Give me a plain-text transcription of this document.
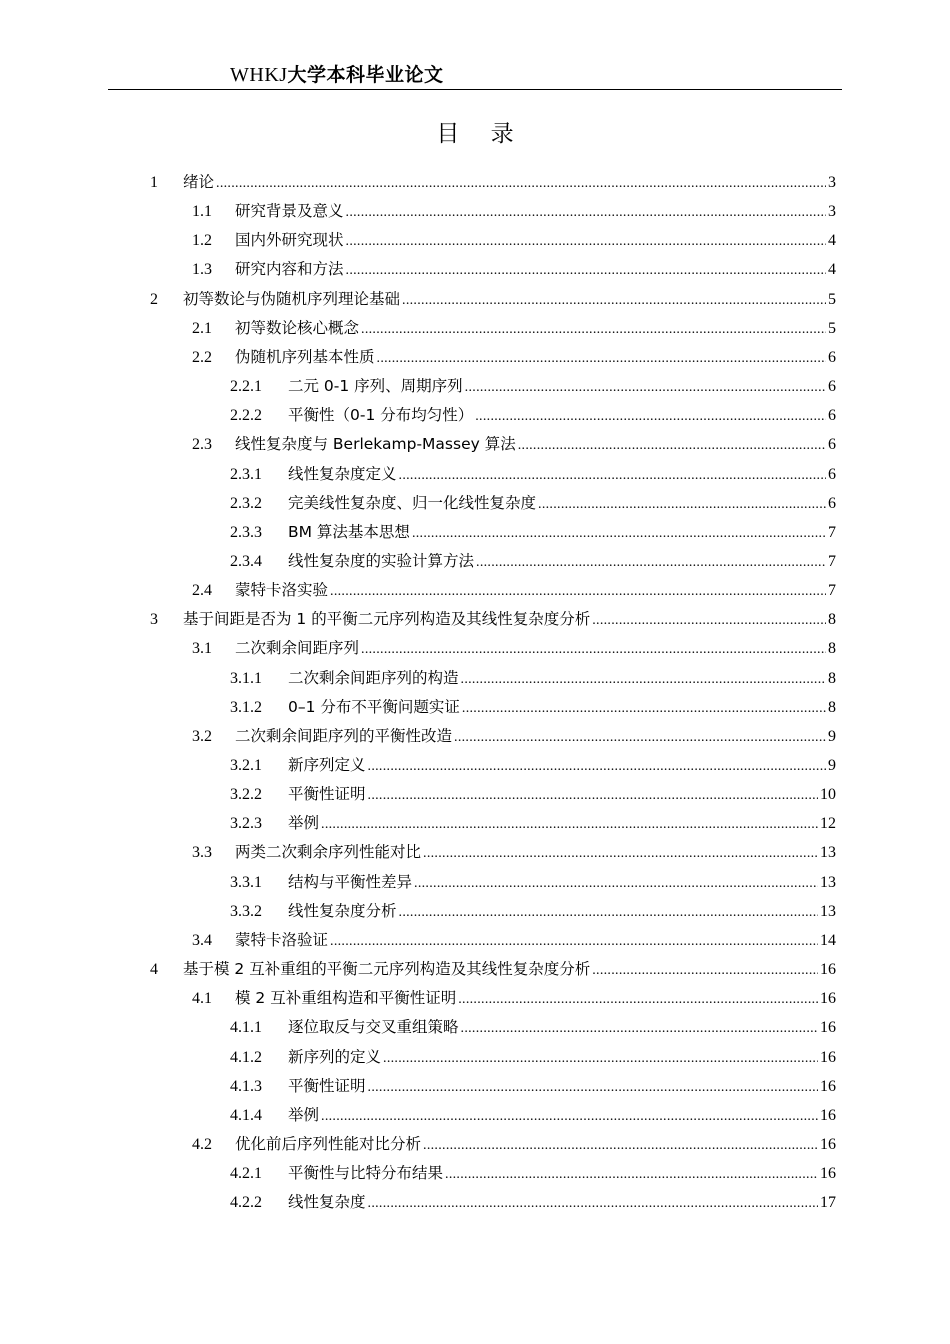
WHKJ大学本科毕业论文
目 录
1	绪论 .....	3
1.1	研究背景及意义 .....	3
1.2	国内外研究现状 .....	4
1.3	研究内容和方法 .....	4
2	初等数论与伪随机序列理论基础 .....	5
2.1	初等数论核心概念 .....	5
2.2	伪随机序列基本性质 .....	6
2.2.1	二元 0-1 序列、周期序列 .....	6
2.2.2	平衡性（0-1 分布均匀性） .....	6
2.3	线性复杂度与 Berlekamp-Massey 算法 .....	6
2.3.1	线性复杂度定义 .....	6
2.3.2	完美线性复杂度、归一化线性复杂度 .....	6
2.3.3	BM 算法基本思想 .....	7
2.3.4	线性复杂度的实验计算方法 .....	7
2.4	蒙特卡洛实验 .....	7
3	基于间距是否为 1 的平衡二元序列构造及其线性复杂度分析 .....	8
3.1	二次剩余间距序列 .....	8
3.1.1	二次剩余间距序列的构造 .....	8
3.1.2	0–1 分布不平衡问题实证 .....	8
3.2	二次剩余间距序列的平衡性改造 .....	9
3.2.1	新序列定义 .....	9
3.2.2	平衡性证明 .....	10
3.2.3	举例 .....	12
3.3	两类二次剩余序列性能对比 .....	13
3.3.1	结构与平衡性差异 .....	13
3.3.2	线性复杂度分析 .....	13
3.4	蒙特卡洛验证 .....	14
4	基于模 2 互补重组的平衡二元序列构造及其线性复杂度分析 .....	16
4.1	模 2 互补重组构造和平衡性证明 .....	16
4.1.1	逐位取反与交叉重组策略 .....	16
4.1.2	新序列的定义 .....	16
4.1.3	平衡性证明 .....	16
4.1.4	举例 .....	16
4.2	优化前后序列性能对比分析 .....	16
4.2.1	平衡性与比特分布结果 .....	16
4.2.2	线性复杂度 .....	17
